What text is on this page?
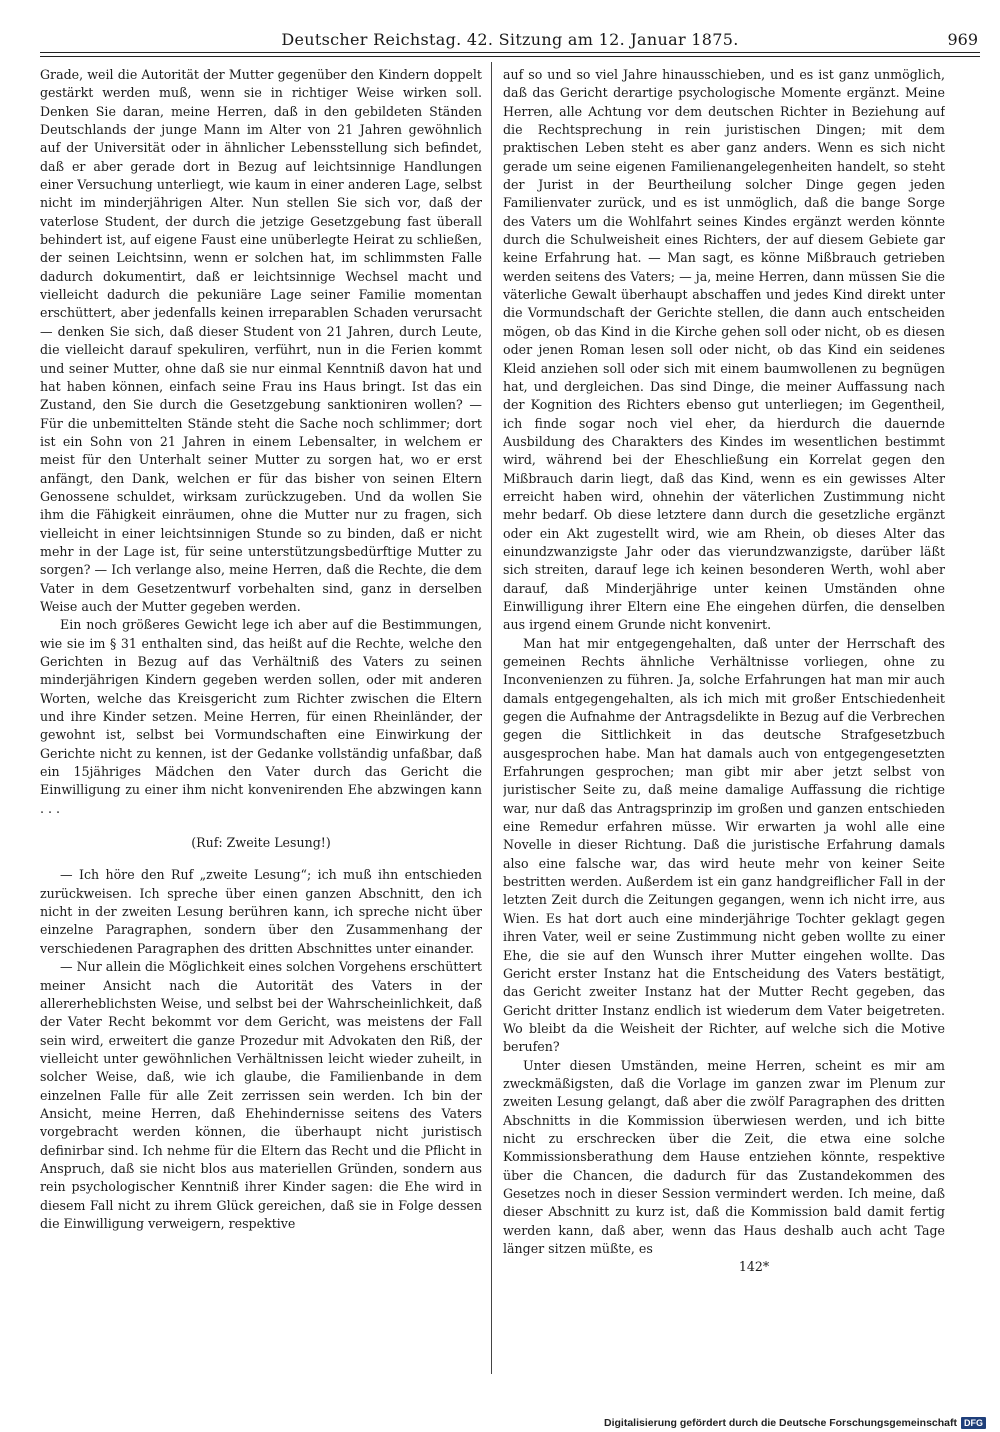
Deutscher Reichstag. 42. Sitzung am 12. Januar 1875.	969

Grade, weil die Autorität der Mutter gegenüber den Kindern doppelt gestärkt werden muß, wenn sie in richtiger Weise wirken soll. Denken Sie daran, meine Herren, daß in den gebildeten Ständen Deutschlands der junge Mann im Alter von 21 Jahren gewöhnlich auf der Universität oder in ähnlicher Lebensstellung sich befindet, daß er aber gerade dort in Bezug auf leichtsinnige Handlungen einer Versuchung unterliegt, wie kaum in einer anderen Lage, selbst nicht im minderjährigen Alter. Nun stellen Sie sich vor, daß der vaterlose Student, der durch die jetzige Gesetzgebung fast überall behindert ist, auf eigene Faust eine unüberlegte Heirat zu schließen, der seinen Leichtsinn, wenn er solchen hat, im schlimmsten Falle dadurch dokumentirt, daß er leichtsinnige Wechsel macht und vielleicht dadurch die pekuniäre Lage seiner Familie momentan erschüttert, aber jedenfalls keinen irreparablen Schaden verursacht — denken Sie sich, daß dieser Student von 21 Jahren, durch Leute, die vielleicht darauf spekuliren, verführt, nun in die Ferien kommt und seiner Mutter, ohne daß sie nur einmal Kenntniß davon hat und hat haben können, einfach seine Frau ins Haus bringt. Ist das ein Zustand, den Sie durch die Gesetzgebung sanktioniren wollen? — Für die unbemittelten Stände steht die Sache noch schlimmer; dort ist ein Sohn von 21 Jahren in einem Lebensalter, in welchem er meist für den Unterhalt seiner Mutter zu sorgen hat, wo er erst anfängt, den Dank, welchen er für das bisher von seinen Eltern Genossene schuldet, wirksam zurückzugeben. Und da wollen Sie ihm die Fähigkeit einräumen, ohne die Mutter nur zu fragen, sich vielleicht in einer leichtsinnigen Stunde so zu binden, daß er nicht mehr in der Lage ist, für seine unterstützungsbedürftige Mutter zu sorgen? — Ich verlange also, meine Herren, daß die Rechte, die dem Vater in dem Gesetzentwurf vorbehalten sind, ganz in derselben Weise auch der Mutter gegeben werden.

Ein noch größeres Gewicht lege ich aber auf die Bestimmungen, wie sie im § 31 enthalten sind, das heißt auf die Rechte, welche den Gerichten in Bezug auf das Verhältniß des Vaters zu seinen minderjährigen Kindern gegeben werden sollen, oder mit anderen Worten, welche das Kreisgericht zum Richter zwischen die Eltern und ihre Kinder setzen. Meine Herren, für einen Rheinländer, der gewohnt ist, selbst bei Vormundschaften eine Einwirkung der Gerichte nicht zu kennen, ist der Gedanke vollständig unfaßbar, daß ein 15jähriges Mädchen den Vater durch das Gericht die Einwilligung zu einer ihm nicht konvenirenden Ehe abzwingen kann . . .

(Ruf: Zweite Lesung!)

— Ich höre den Ruf „zweite Lesung“; ich muß ihn entschieden zurückweisen. Ich spreche über einen ganzen Abschnitt, den ich nicht in der zweiten Lesung berühren kann, ich spreche nicht über einzelne Paragraphen, sondern über den Zusammenhang der verschiedenen Paragraphen des dritten Abschnittes unter einander.

— Nur allein die Möglichkeit eines solchen Vorgehens erschüttert meiner Ansicht nach die Autorität des Vaters in der allererheblichsten Weise, und selbst bei der Wahrscheinlichkeit, daß der Vater Recht bekommt vor dem Gericht, was meistens der Fall sein wird, erweitert die ganze Prozedur mit Advokaten den Riß, der vielleicht unter gewöhnlichen Verhältnissen leicht wieder zuheilt, in solcher Weise, daß, wie ich glaube, die Familienbande in dem einzelnen Falle für alle Zeit zerrissen sein werden. Ich bin der Ansicht, meine Herren, daß Ehehindernisse seitens des Vaters vorgebracht werden können, die überhaupt nicht juristisch definirbar sind. Ich nehme für die Eltern das Recht und die Pflicht in Anspruch, daß sie nicht blos aus materiellen Gründen, sondern aus rein psychologischer Kenntniß ihrer Kinder sagen: die Ehe wird in diesem Fall nicht zu ihrem Glück gereichen, daß sie in Folge dessen die Einwilligung verweigern, respektive

auf so und so viel Jahre hinausschieben, und es ist ganz unmöglich, daß das Gericht derartige psychologische Momente ergänzt. Meine Herren, alle Achtung vor dem deutschen Richter in Beziehung auf die Rechtsprechung in rein juristischen Dingen; mit dem praktischen Leben steht es aber ganz anders. Wenn es sich nicht gerade um seine eigenen Familienangelegenheiten handelt, so steht der Jurist in der Beurtheilung solcher Dinge gegen jeden Familienvater zurück, und es ist unmöglich, daß die bange Sorge des Vaters um die Wohlfahrt seines Kindes ergänzt werden könnte durch die Schulweisheit eines Richters, der auf diesem Gebiete gar keine Erfahrung hat. — Man sagt, es könne Mißbrauch getrieben werden seitens des Vaters; — ja, meine Herren, dann müssen Sie die väterliche Gewalt überhaupt abschaffen und jedes Kind direkt unter die Vormundschaft der Gerichte stellen, die dann auch entscheiden mögen, ob das Kind in die Kirche gehen soll oder nicht, ob es diesen oder jenen Roman lesen soll oder nicht, ob das Kind ein seidenes Kleid anziehen soll oder sich mit einem baumwollenen zu begnügen hat, und dergleichen. Das sind Dinge, die meiner Auffassung nach der Kognition des Richters ebenso gut unterliegen; im Gegentheil, ich finde sogar noch viel eher, da hierdurch die dauernde Ausbildung des Charakters des Kindes im wesentlichen bestimmt wird, während bei der Eheschließung ein Korrelat gegen den Mißbrauch darin liegt, daß das Kind, wenn es ein gewisses Alter erreicht haben wird, ohnehin der väterlichen Zustimmung nicht mehr bedarf. Ob diese letztere dann durch die gesetzliche ergänzt oder ein Akt zugestellt wird, wie am Rhein, ob dieses Alter das einundzwanzigste Jahr oder das vierundzwanzigste, darüber läßt sich streiten, darauf lege ich keinen besonderen Werth, wohl aber darauf, daß Minderjährige unter keinen Umständen ohne Einwilligung ihrer Eltern eine Ehe eingehen dürfen, die denselben aus irgend einem Grunde nicht konvenirt.

Man hat mir entgegengehalten, daß unter der Herrschaft des gemeinen Rechts ähnliche Verhältnisse vorliegen, ohne zu Inconvenienzen zu führen. Ja, solche Erfahrungen hat man mir auch damals entgegengehalten, als ich mich mit großer Entschiedenheit gegen die Aufnahme der Antragsdelikte in Bezug auf die Verbrechen gegen die Sittlichkeit in das deutsche Strafgesetzbuch ausgesprochen habe. Man hat damals auch von entgegengesetzten Erfahrungen gesprochen; man gibt mir aber jetzt selbst von juristischer Seite zu, daß meine damalige Auffassung die richtige war, nur daß das Antragsprinzip im großen und ganzen entschieden eine Remedur erfahren müsse. Wir erwarten ja wohl alle eine Novelle in dieser Richtung. Daß die juristische Erfahrung damals also eine falsche war, das wird heute mehr von keiner Seite bestritten werden. Außerdem ist ein ganz handgreiflicher Fall in der letzten Zeit durch die Zeitungen gegangen, wenn ich nicht irre, aus Wien. Es hat dort auch eine minderjährige Tochter geklagt gegen ihren Vater, weil er seine Zustimmung nicht geben wollte zu einer Ehe, die sie auf den Wunsch ihrer Mutter eingehen wollte. Das Gericht erster Instanz hat die Entscheidung des Vaters bestätigt, das Gericht zweiter Instanz hat der Mutter Recht gegeben, das Gericht dritter Instanz endlich ist wiederum dem Vater beigetreten. Wo bleibt da die Weisheit der Richter, auf welche sich die Motive berufen?

Unter diesen Umständen, meine Herren, scheint es mir am zweckmäßigsten, daß die Vorlage im ganzen zwar im Plenum zur zweiten Lesung gelangt, daß aber die zwölf Paragraphen des dritten Abschnitts in die Kommission überwiesen werden, und ich bitte nicht zu erschrecken über die Zeit, die etwa eine solche Kommissionsberathung dem Hause entziehen könnte, respektive über die Chancen, die dadurch für das Zustandekommen des Gesetzes noch in dieser Session vermindert werden. Ich meine, daß dieser Abschnitt zu kurz ist, daß die Kommission bald damit fertig werden kann, daß aber, wenn das Haus deshalb auch acht Tage länger sitzen müßte, es

142*

Digitalisierung gefördert durch die Deutsche Forschungsgemeinschaft DFG
